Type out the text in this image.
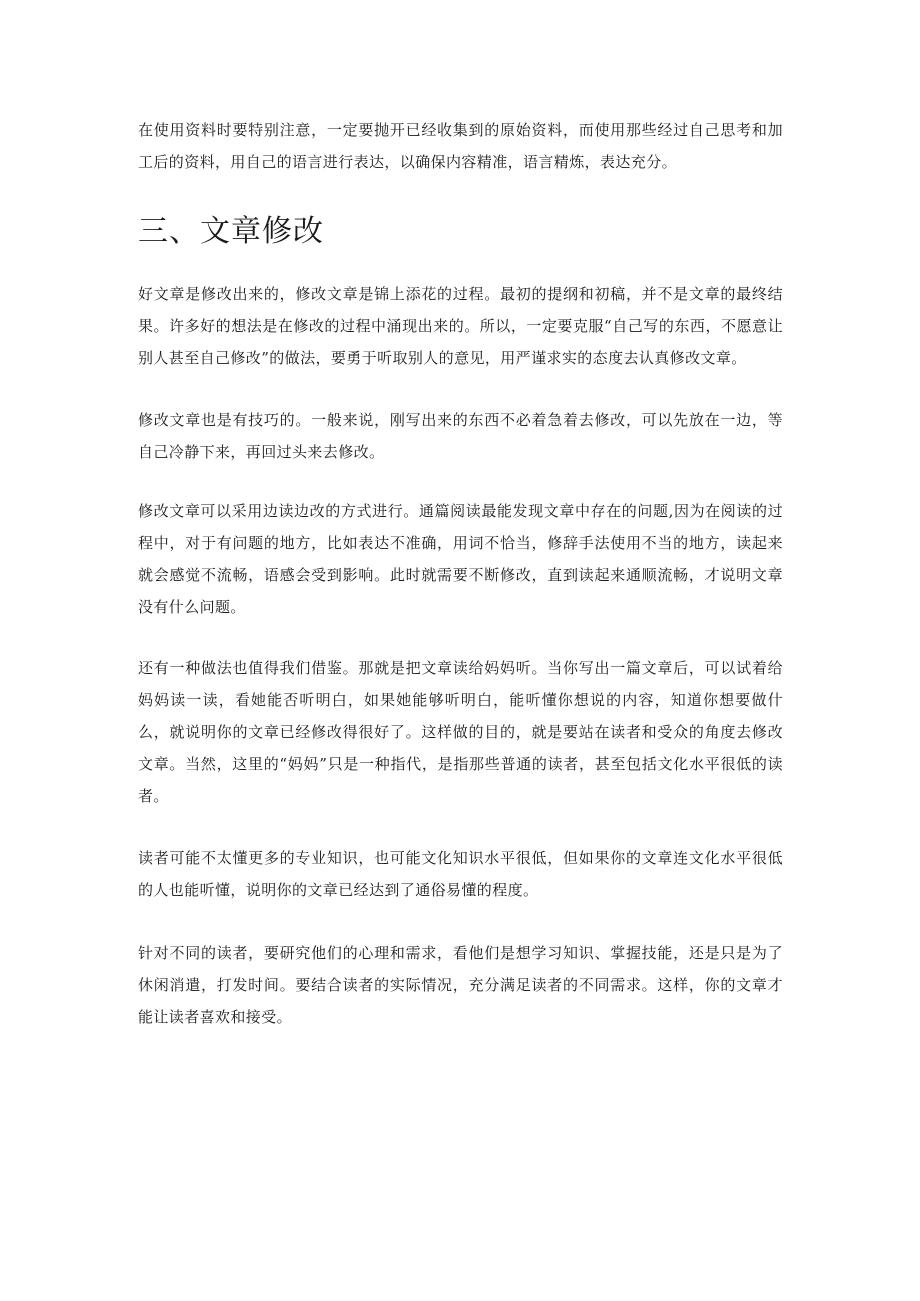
在使用资料时要特别注意，一定要抛开已经收集到的原始资料，而使用那些经过自己思考和加工后的资料，用自己的语言进行表达，以确保内容精准，语言精炼，表达充分。

三、文章修改

好文章是修改出来的，修改文章是锦上添花的过程。最初的提纲和初稿，并不是文章的最终结果。许多好的想法是在修改的过程中涌现出来的。所以，一定要克服“自己写的东西，不愿意让别人甚至自己修改”的做法，要勇于听取别人的意见，用严谨求实的态度去认真修改文章。

修改文章也是有技巧的。一般来说，刚写出来的东西不必着急着去修改，可以先放在一边，等自己冷静下来，再回过头来去修改。

修改文章可以采用边读边改的方式进行。通篇阅读最能发现文章中存在的问题,因为在阅读的过程中，对于有问题的地方，比如表达不准确，用词不恰当，修辞手法使用不当的地方，读起来就会感觉不流畅，语感会受到影响。此时就需要不断修改，直到读起来通顺流畅，才说明文章没有什么问题。

还有一种做法也值得我们借鉴。那就是把文章读给妈妈听。当你写出一篇文章后，可以试着给妈妈读一读，看她能否听明白，如果她能够听明白，能听懂你想说的内容，知道你想要做什么，就说明你的文章已经修改得很好了。这样做的目的，就是要站在读者和受众的角度去修改文章。当然，这里的“妈妈”只是一种指代，是指那些普通的读者，甚至包括文化水平很低的读者。

读者可能不太懂更多的专业知识，也可能文化知识水平很低，但如果你的文章连文化水平很低的人也能听懂，说明你的文章已经达到了通俗易懂的程度。

针对不同的读者，要研究他们的心理和需求，看他们是想学习知识、掌握技能，还是只是为了休闲消遣，打发时间。要结合读者的实际情况，充分满足读者的不同需求。这样，你的文章才能让读者喜欢和接受。
